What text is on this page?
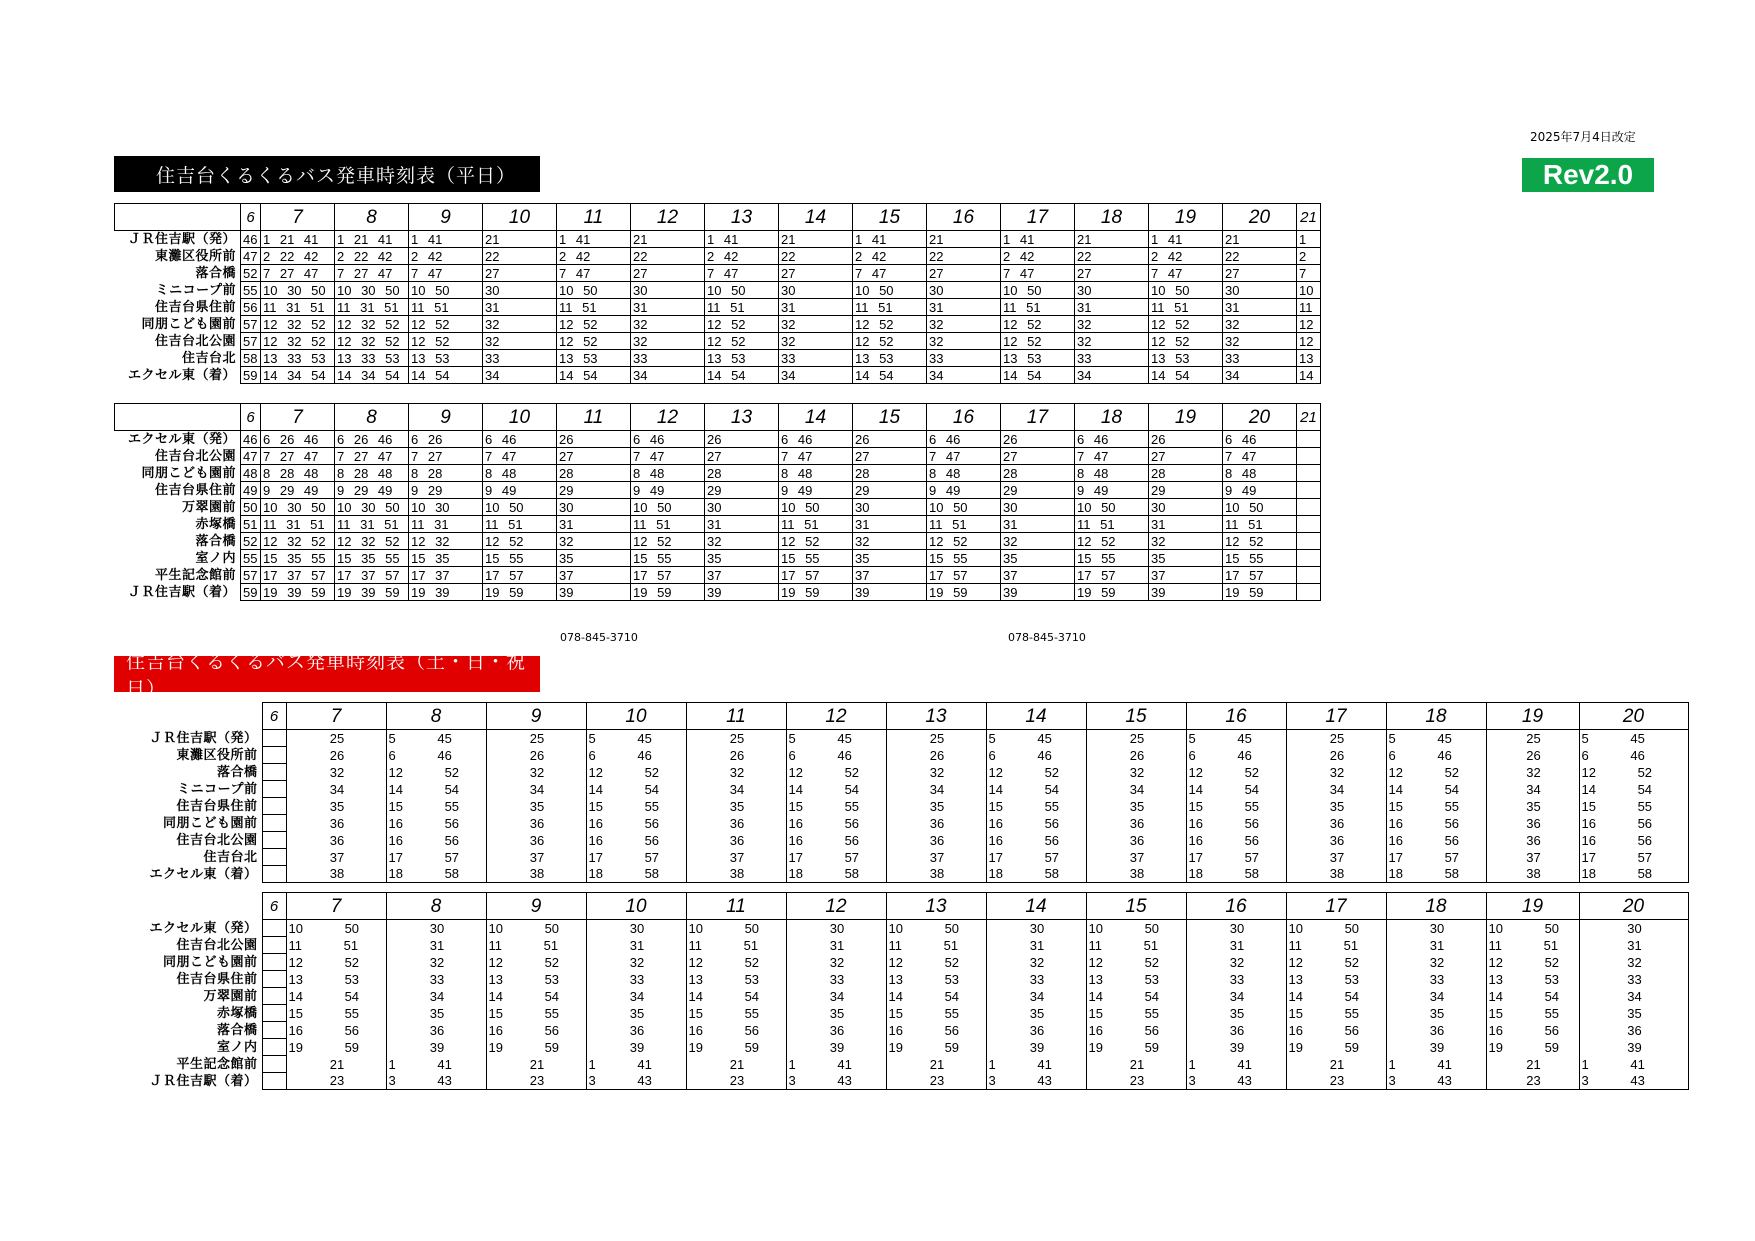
2025年7月4日改定
Rev2.0
住吉台くるくるバス発車時刻表（平日）
	6	7	8	9	10	11	12	13	14	15	16	17	18	19	20	21
ＪＲ住吉駅（発）	46	1 21 41	1 21 41	1 41	21	1 41	21	1 41	21	1 41	21	1 41	21	1 41	21	1
東灘区役所前	47	2 22 42	2 22 42	2 42	22	2 42	22	2 42	22	2 42	22	2 42	22	2 42	22	2
落合橋	52	7 27 47	7 27 47	7 47	27	7 47	27	7 47	27	7 47	27	7 47	27	7 47	27	7
ミニコープ前	55	10 30 50	10 30 50	10 50	30	10 50	30	10 50	30	10 50	30	10 50	30	10 50	30	10
住吉台県住前	56	11 31 51	11 31 51	11 51	31	11 51	31	11 51	31	11 51	31	11 51	31	11 51	31	11
同朋こども園前	57	12 32 52	12 32 52	12 52	32	12 52	32	12 52	32	12 52	32	12 52	32	12 52	32	12
住吉台北公園	57	12 32 52	12 32 52	12 52	32	12 52	32	12 52	32	12 52	32	12 52	32	12 52	32	12
住吉台北	58	13 33 53	13 33 53	13 53	33	13 53	33	13 53	33	13 53	33	13 53	33	13 53	33	13
エクセル東（着）	59	14 34 54	14 34 54	14 54	34	14 54	34	14 54	34	14 54	34	14 54	34	14 54	34	14
	6	7	8	9	10	11	12	13	14	15	16	17	18	19	20	21
エクセル東（発）	46	6 26 46	6 26 46	6 26	6 46	26	6 46	26	6 46	26	6 46	26	6 46	26	6 46	

住吉台北公園	47	7 27 47	7 27 47	7 27	7 47	27	7 47	27	7 47	27	7 47	27	7 47	27	7 47	

同朋こども園前	48	8 28 48	8 28 48	8 28	8 48	28	8 48	28	8 48	28	8 48	28	8 48	28	8 48	

住吉台県住前	49	9 29 49	9 29 49	9 29	9 49	29	9 49	29	9 49	29	9 49	29	9 49	29	9 49	

万翠園前	50	10 30 50	10 30 50	10 30	10 50	30	10 50	30	10 50	30	10 50	30	10 50	30	10 50	

赤塚橋	51	11 31 51	11 31 51	11 31	11 51	31	11 51	31	11 51	31	11 51	31	11 51	31	11 51	

落合橋	52	12 32 52	12 32 52	12 32	12 52	32	12 52	32	12 52	32	12 52	32	12 52	32	12 52	

室ノ内	55	15 35 55	15 35 55	15 35	15 55	35	15 55	35	15 55	35	15 55	35	15 55	35	15 55	

平生記念館前	57	17 37 57	17 37 57	17 37	17 57	37	17 57	37	17 57	37	17 57	37	17 57	37	17 57	

ＪＲ住吉駅（着）	59	19 39 59	19 39 59	19 39	19 59	39	19 59	39	19 59	39	19 59	39	19 59	39	19 59	

078-845-3710	078-845-3710
住吉台くるくるバス発車時刻表（土・日・祝日）
	6	7	8	9	10	11	12	13	14	15	16	17	18	19	20
ＪＲ住吉駅（発）		25	5 45	25	5 45	25	5 45	25	5 45	25	5 45	25	5 45	25	5 45

東灘区役所前		26	6 46	26	6 46	26	6 46	26	6 46	26	6 46	26	6 46	26	6 46

落合橋		32	12 52	32	12 52	32	12 52	32	12 52	32	12 52	32	12 52	32	12 52

ミニコープ前		34	14 54	34	14 54	34	14 54	34	14 54	34	14 54	34	14 54	34	14 54

住吉台県住前		35	15 55	35	15 55	35	15 55	35	15 55	35	15 55	35	15 55	35	15 55

同朋こども園前		36	16 56	36	16 56	36	16 56	36	16 56	36	16 56	36	16 56	36	16 56

住吉台北公園		36	16 56	36	16 56	36	16 56	36	16 56	36	16 56	36	16 56	36	16 56

住吉台北		37	17 57	37	17 57	37	17 57	37	17 57	37	17 57	37	17 57	37	17 57

エクセル東（着）		38	18 58	38	18 58	38	18 58	38	18 58	38	18 58	38	18 58	38	18 58
	6	7	8	9	10	11	12	13	14	15	16	17	18	19	20
エクセル東（発）		10 50	30	10 50	30	10 50	30	10 50	30	10 50	30	10 50	30	10 50	30

住吉台北公園		11 51	31	11 51	31	11 51	31	11 51	31	11 51	31	11 51	31	11 51	31

同朋こども園前		12 52	32	12 52	32	12 52	32	12 52	32	12 52	32	12 52	32	12 52	32

住吉台県住前		13 53	33	13 53	33	13 53	33	13 53	33	13 53	33	13 53	33	13 53	33

万翠園前		14 54	34	14 54	34	14 54	34	14 54	34	14 54	34	14 54	34	14 54	34

赤塚橋		15 55	35	15 55	35	15 55	35	15 55	35	15 55	35	15 55	35	15 55	35

落合橋		16 56	36	16 56	36	16 56	36	16 56	36	16 56	36	16 56	36	16 56	36

室ノ内		19 59	39	19 59	39	19 59	39	19 59	39	19 59	39	19 59	39	19 59	39

平生記念館前		21	1 41	21	1 41	21	1 41	21	1 41	21	1 41	21	1 41	21	1 41

ＪＲ住吉駅（着）		23	3 43	23	3 43	23	3 43	23	3 43	23	3 43	23	3 43	23	3 43
